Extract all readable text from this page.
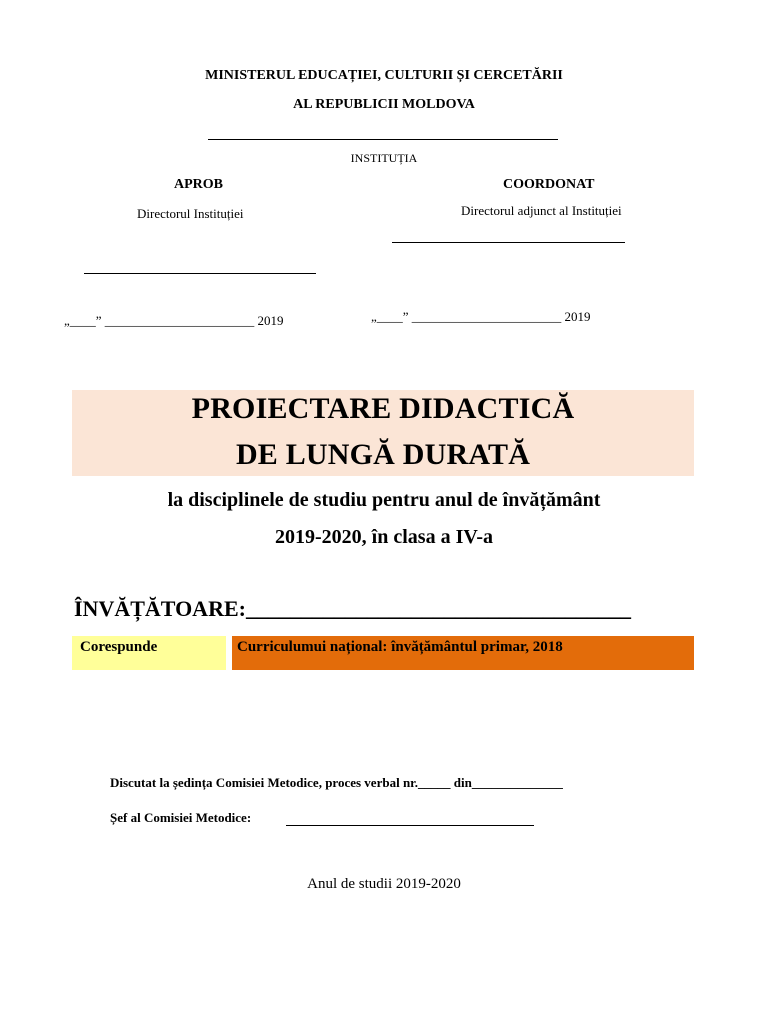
MINISTERUL EDUCAȚIEI, CULTURII ȘI CERCETĂRII
AL REPUBLICII MOLDOVA
INSTITUȚIA
APROB
Directorul Instituției
„____” _______________________ 2019
COORDONAT
Directorul adjunct al Instituției
„____” _______________________ 2019
PROIECTARE DIDACTICĂ
DE LUNGĂ DURATĂ
la disciplinele de studiu pentru anul de învățământ
2019-2020, în clasa a IV-a
ÎNVĂȚĂTOARE:___________________________________
Corespunde	Curriculumui național: învățământul primar, 2018
Discutat la ședința Comisiei Metodice, proces verbal nr._____ din______________
Șef al Comisiei Metodice:
Anul de studii 2019-2020
